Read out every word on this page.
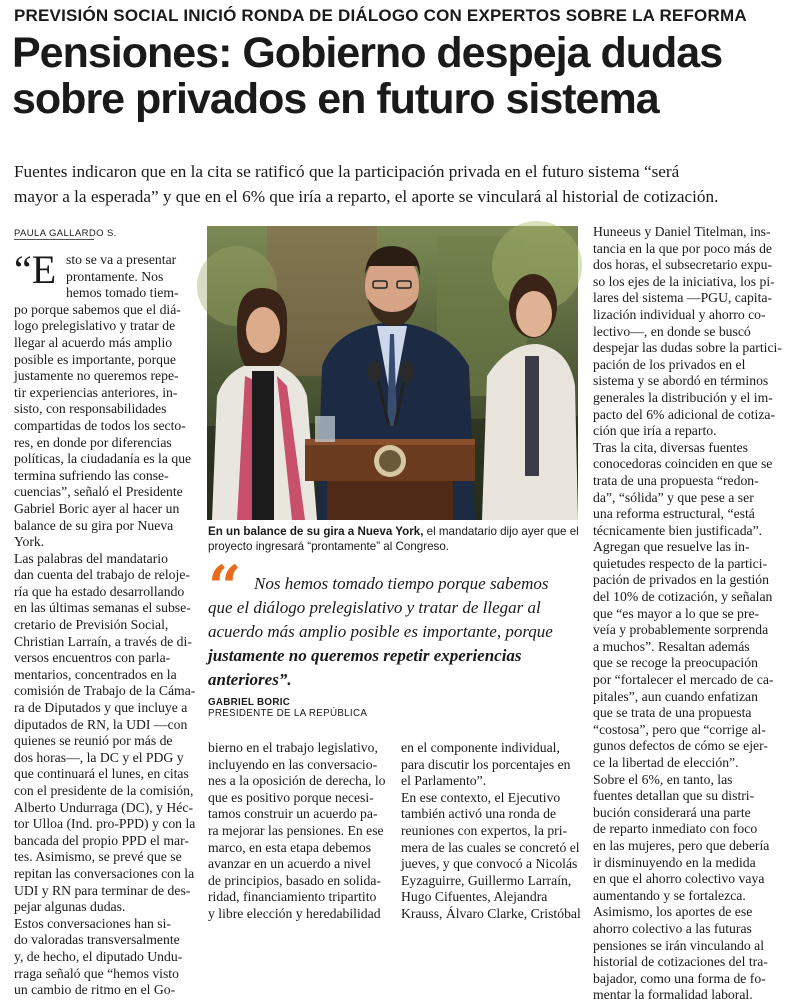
PREVISIÓN SOCIAL INICIÓ RONDA DE DIÁLOGO CON EXPERTOS SOBRE LA REFORMA
Pensiones: Gobierno despeja dudas
sobre privados en futuro sistema
Fuentes indicaron que en la cita se ratificó que la participación privada en el futuro sistema “será
mayor a la esperada” y que en el 6% que iría a reparto, el aporte se vinculará al historial de cotización.
PAULA GALLARDO S.
“E sto se va a presentar
prontamente. Nos
hemos tomado tiem-
po porque sabemos que el diá-
logo prelegislativo y tratar de
llegar al acuerdo más amplio
posible es importante, porque
justamente no queremos repe-
tir experiencias anteriores, in-
sisto, con responsabilidades
compartidas de todos los secto-
res, en donde por diferencias
políticas, la ciudadanía es la que
termina sufriendo las conse-
cuencias”, señaló el Presidente
Gabriel Boric ayer al hacer un
balance de su gira por Nueva
York.
Las palabras del mandatario
dan cuenta del trabajo de reloje-
ría que ha estado desarrollando
en las últimas semanas el subse-
cretario de Previsión Social,
Christian Larraín, a través de di-
versos encuentros con parla-
mentarios, concentrados en la
comisión de Trabajo de la Cáma-
ra de Diputados y que incluye a
diputados de RN, la UDI —con
quienes se reunió por más de
dos horas—, la DC y el PDG y
que continuará el lunes, en citas
con el presidente de la comisión,
Alberto Undurraga (DC), y Héc-
tor Ulloa (Ind. pro-PPD) y con la
bancada del propio PPD el mar-
tes. Asimismo, se prevé que se
repitan las conversaciones con la
UDI y RN para terminar de des-
pejar algunas dudas.
Estos conversaciones han si-
do valoradas transversalmente
y, de hecho, el diputado Undu-
rraga señaló que “hemos visto
un cambio de ritmo en el Go-
En un balance de su gira a Nueva York, el mandatario dijo ayer que el
proyecto ingresará “prontamente” al Congreso.
“ Nos hemos tomado tiempo porque sabemos
que el diálogo prelegislativo y tratar de llegar al
acuerdo más amplio posible es importante, porque
justamente no queremos repetir experiencias
anteriores”.
GABRIEL BORIC
PRESIDENTE DE LA REPÚBLICA
bierno en el trabajo legislativo,
incluyendo en las conversacio-
nes a la oposición de derecha, lo
que es positivo porque necesi-
tamos construir un acuerdo pa-
ra mejorar las pensiones. En ese
marco, en esta etapa debemos
avanzar en un acuerdo a nivel
de principios, basado en solida-
ridad, financiamiento tripartito
y libre elección y heredabilidad
en el componente individual,
para discutir los porcentajes en
el Parlamento”.
En ese contexto, el Ejecutivo
también activó una ronda de
reuniones con expertos, la pri-
mera de las cuales se concretó el
jueves, y que convocó a Nicolás
Eyzaguirre, Guillermo Larraín,
Hugo Cifuentes, Alejandra
Krauss, Álvaro Clarke, Cristóbal
Huneeus y Daniel Titelman, ins-
tancia en la que por poco más de
dos horas, el subsecretario expu-
so los ejes de la iniciativa, los pi-
lares del sistema —PGU, capita-
lización individual y ahorro co-
lectivo—, en donde se buscó
despejar las dudas sobre la partici-
pación de los privados en el
sistema y se abordó en términos
generales la distribución y el im-
pacto del 6% adicional de cotiza-
ción que iría a reparto.
Tras la cita, diversas fuentes
conocedoras coinciden en que se
trata de una propuesta “redon-
da”, “sólida” y que pese a ser
una reforma estructural, “está
técnicamente bien justificada”.
Agregan que resuelve las in-
quietudes respecto de la partici-
pación de privados en la gestión
del 10% de cotización, y señalan
que “es mayor a lo que se pre-
veía y probablemente sorprenda
a muchos”. Resaltan además
que se recoge la preocupación
por “fortalecer el mercado de ca-
pitales”, aun cuando enfatizan
que se trata de una propuesta
“costosa”, pero que “corrige al-
gunos defectos de cómo se ejer-
ce la libertad de elección”.
Sobre el 6%, en tanto, las
fuentes detallan que su distri-
bución considerará una parte
de reparto inmediato con foco
en las mujeres, pero que debería
ir disminuyendo en la medida
en que el ahorro colectivo vaya
aumentando y se fortalezca.
Asimismo, los aportes de ese
ahorro colectivo a las futuras
pensiones se irán vinculando al
historial de cotizaciones del tra-
bajador, como una forma de fo-
mentar la formalidad laboral.
